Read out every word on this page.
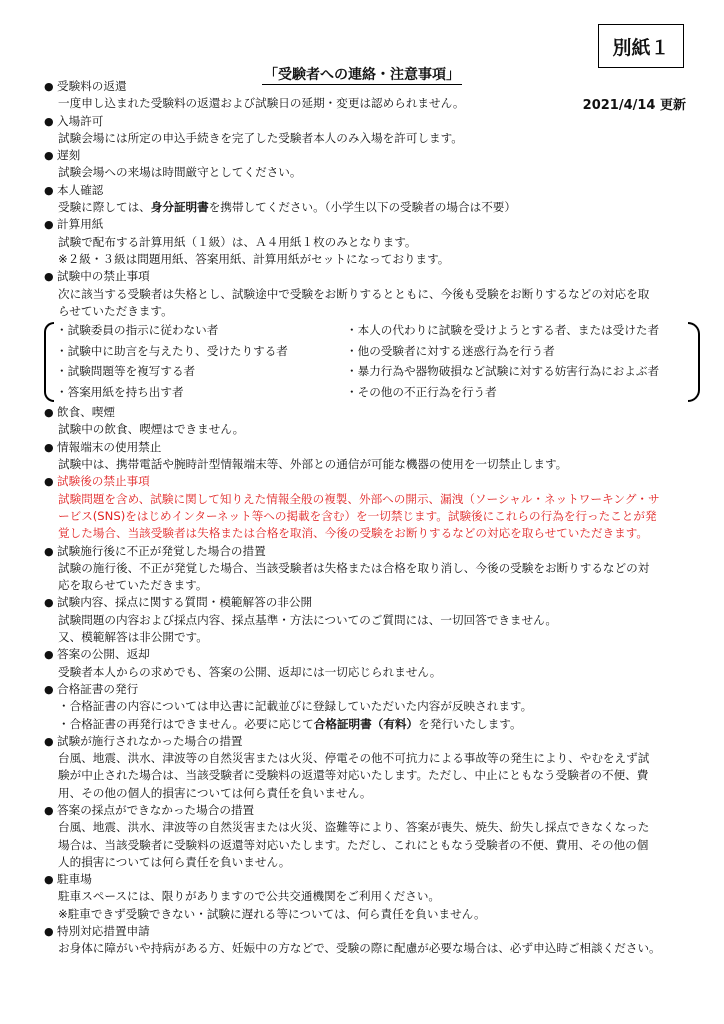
別紙１
「受験者への連絡・注意事項」
2021/4/14 更新

● 受験料の返還

一度申し込まれた受験料の返還および試験日の延期・変更は認められません。

● 入場許可

試験会場には所定の申込手続きを完了した受験者本人のみ入場を許可します。

● 遅刻

試験会場への来場は時間厳守としてください。

● 本人確認

受験に際しては、身分証明書を携帯してください。（小学生以下の受験者の場合は不要）

● 計算用紙

試験で配布する計算用紙（１級）は、Ａ４用紙１枚のみとなります。

※２級・３級は問題用紙、答案用紙、計算用紙がセットになっております。

● 試験中の禁止事項

次に該当する受験者は失格とし、試験途中で受験をお断りするとともに、今後も受験をお断りするなどの対応を取

らせていただきます。

・試験委員の指示に従わない者	・本人の代わりに試験を受けようとする者、または受けた者
・試験中に助言を与えたり、受けたりする者	・他の受験者に対する迷惑行為を行う者
・試験問題等を複写する者	・暴力行為や器物破損など試験に対する妨害行為におよぶ者
・答案用紙を持ち出す者	・その他の不正行為を行う者

● 飲食、喫煙

試験中の飲食、喫煙はできません。

● 情報端末の使用禁止

試験中は、携帯電話や腕時計型情報端末等、外部との通信が可能な機器の使用を一切禁止します。

● 試験後の禁止事項

試験問題を含め、試験に関して知りえた情報全般の複製、外部への開示、漏洩（ソーシャル・ネットワーキング・サ

ービス(SNS)をはじめインターネット等への掲載を含む）を一切禁じます。試験後にこれらの行為を行ったことが発

覚した場合、当該受験者は失格または合格を取消、今後の受験をお断りするなどの対応を取らせていただきます。

● 試験施行後に不正が発覚した場合の措置

試験の施行後、不正が発覚した場合、当該受験者は失格または合格を取り消し、今後の受験をお断りするなどの対

応を取らせていただきます。

● 試験内容、採点に関する質問・模範解答の非公開

試験問題の内容および採点内容、採点基準・方法についてのご質問には、一切回答できません。

又、模範解答は非公開です。

● 答案の公開、返却

受験者本人からの求めでも、答案の公開、返却には一切応じられません。

● 合格証書の発行

・合格証書の内容については申込書に記載並びに登録していただいた内容が反映されます。

・合格証書の再発行はできません。必要に応じて合格証明書（有料）を発行いたします。

● 試験が施行されなかった場合の措置

台風、地震、洪水、津波等の自然災害または火災、停電その他不可抗力による事故等の発生により、やむをえず試

験が中止された場合は、当該受験者に受験料の返還等対応いたします。ただし、中止にともなう受験者の不便、費

用、その他の個人的損害については何ら責任を負いません。

● 答案の採点ができなかった場合の措置

台風、地震、洪水、津波等の自然災害または火災、盗難等により、答案が喪失、焼失、紛失し採点できなくなった

場合は、当該受験者に受験料の返還等対応いたします。ただし、これにともなう受験者の不便、費用、その他の個

人的損害については何ら責任を負いません。

● 駐車場

駐車スペースには、限りがありますので公共交通機関をご利用ください。

※駐車できず受験できない・試験に遅れる等については、何ら責任を負いません。

● 特別対応措置申請

お身体に障がいや持病がある方、妊娠中の方などで、受験の際に配慮が必要な場合は、必ず申込時ご相談ください。
